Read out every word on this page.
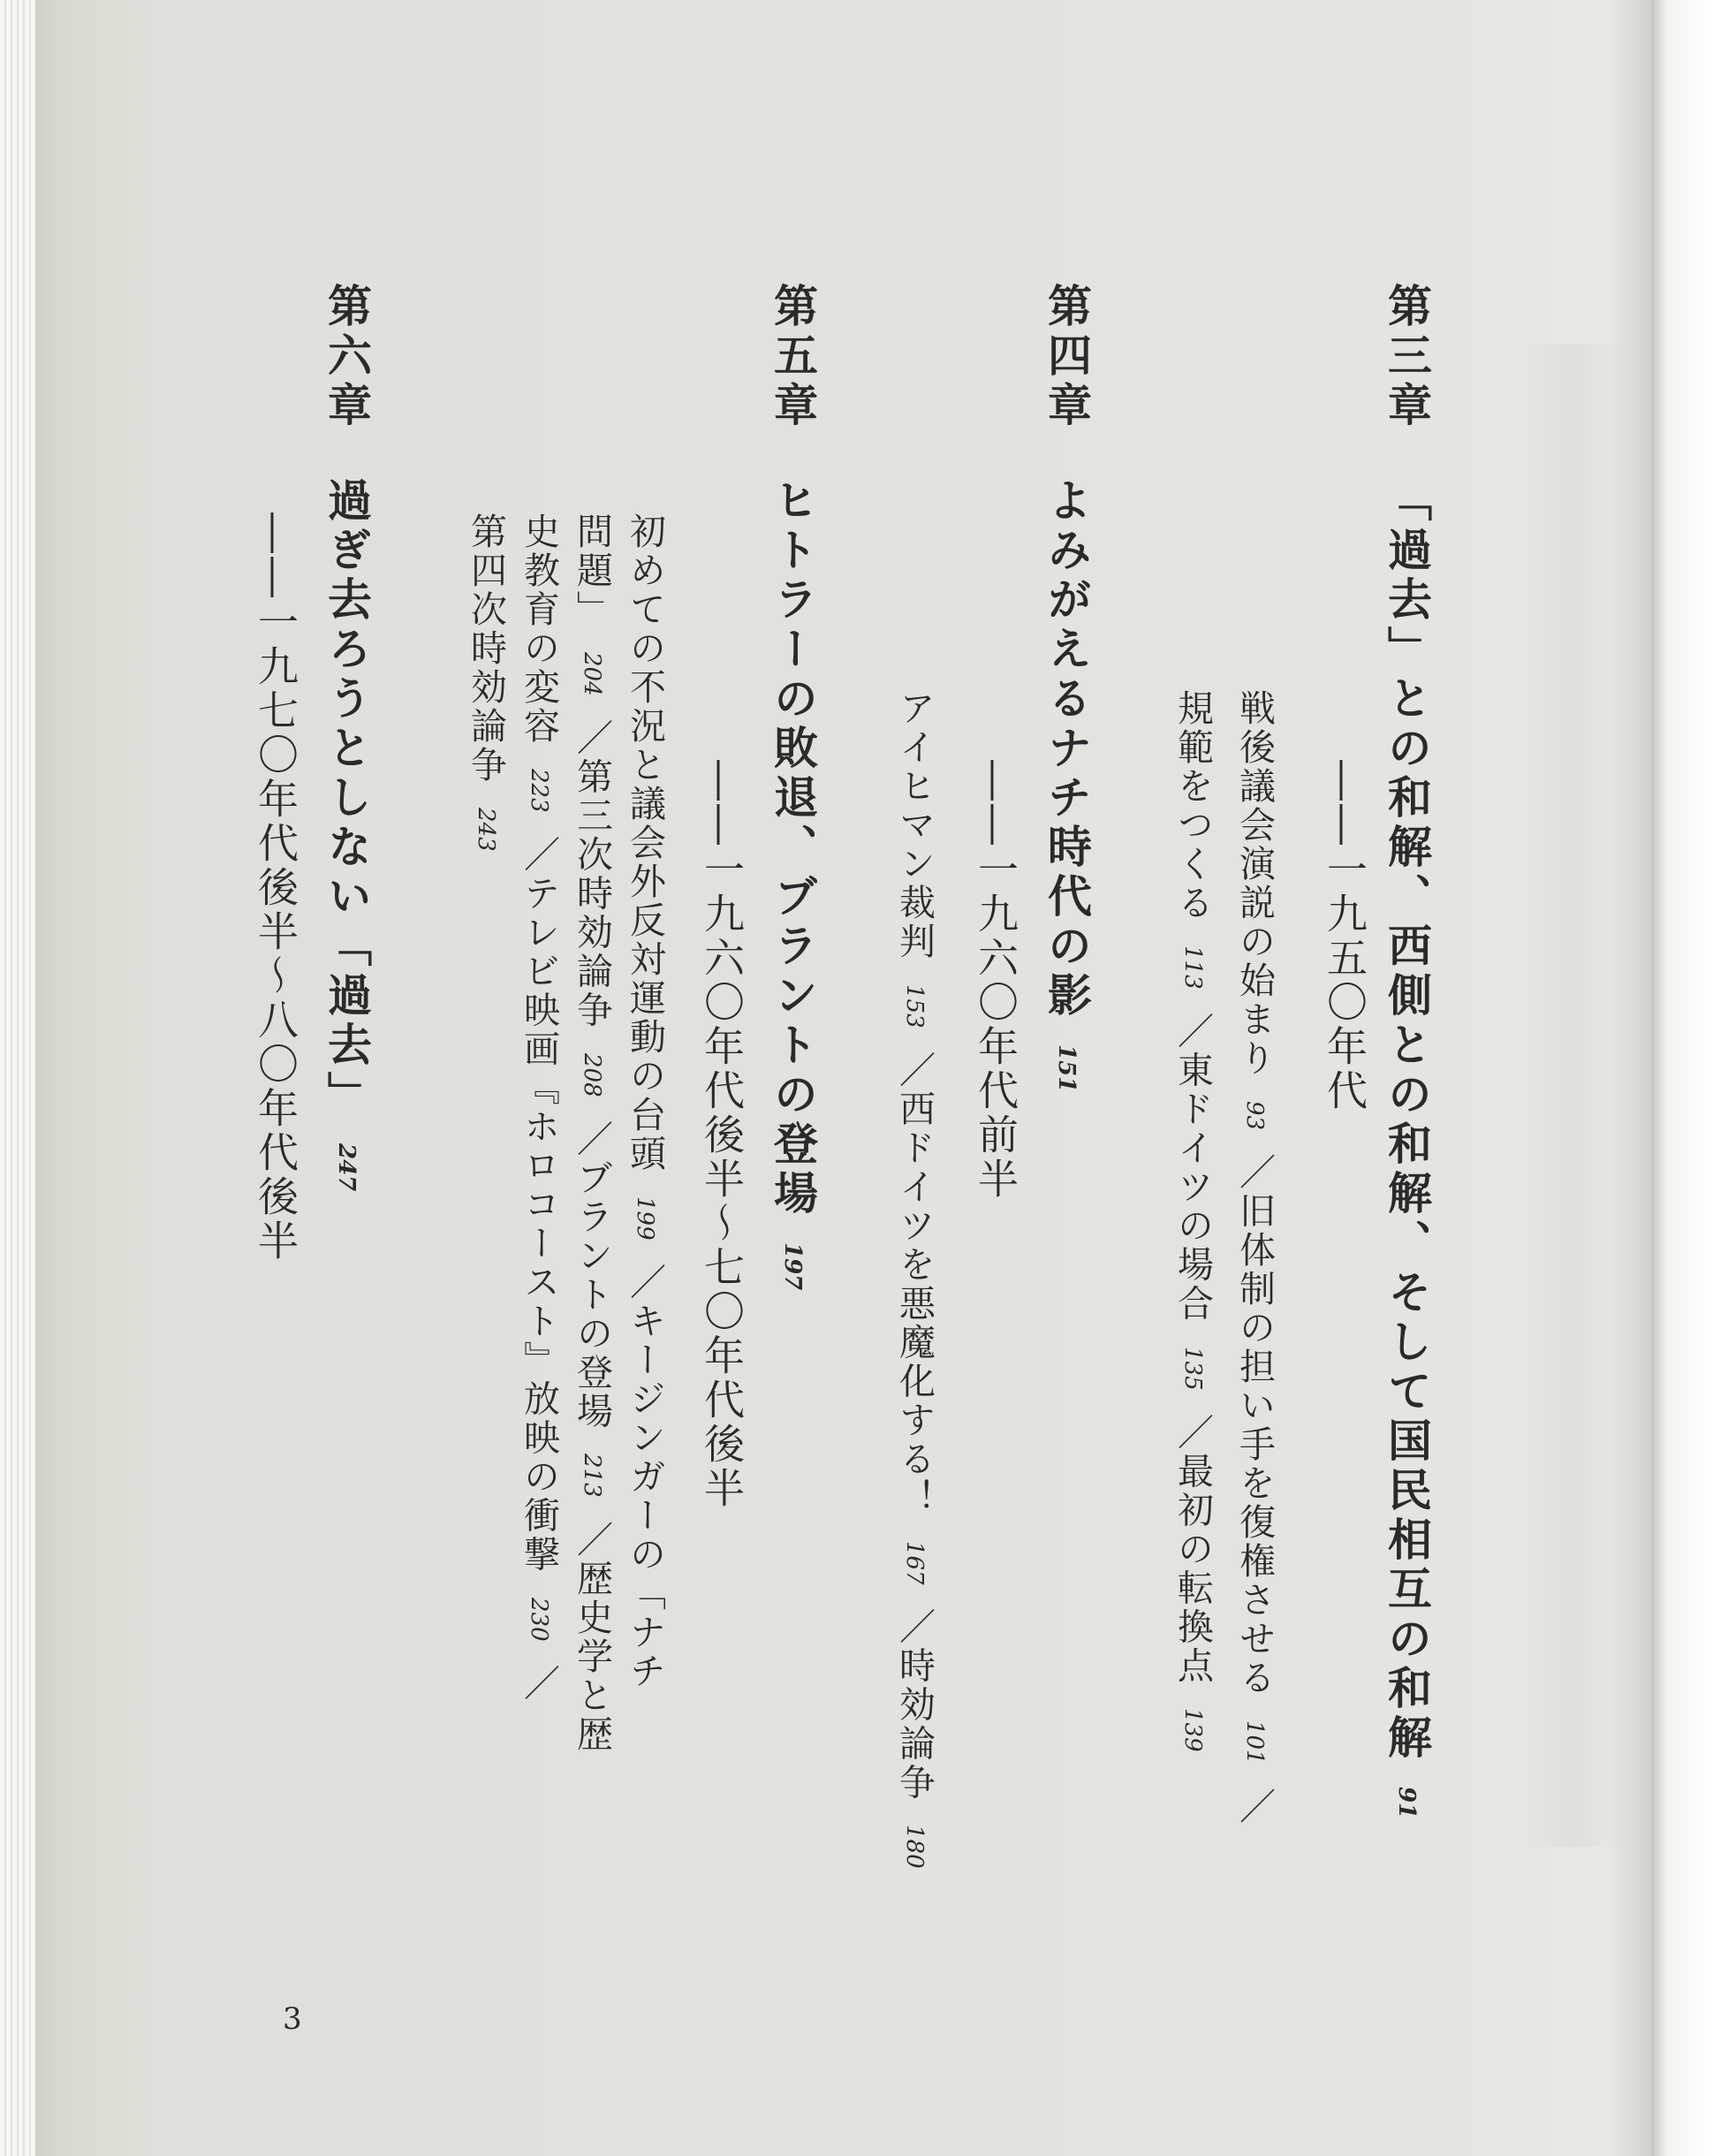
第三章「過去」との和解、西側との和解、そして国民相互の和解91
――一九五〇年代
戦後議会演説の始まり93／旧体制の担い手を復権させる101／
規範をつくる113／東ドイツの場合135／最初の転換点139
第四章よみがえるナチ時代の影151
――一九六〇年代前半
アイヒマン裁判153／西ドイツを悪魔化する！167／時効論争180
第五章ヒトラーの敗退、ブラントの登場197
――一九六〇年代後半～七〇年代後半
初めての不況と議会外反対運動の台頭199／キージンガーの「ナチ
問題」204／第三次時効論争208／ブラントの登場213／歴史学と歴
史教育の変容223／テレビ映画『ホロコースト』放映の衝撃230／
第四次時効論争243
第六章過ぎ去ろうとしない「過去」247
――一九七〇年代後半～八〇年代後半
3
